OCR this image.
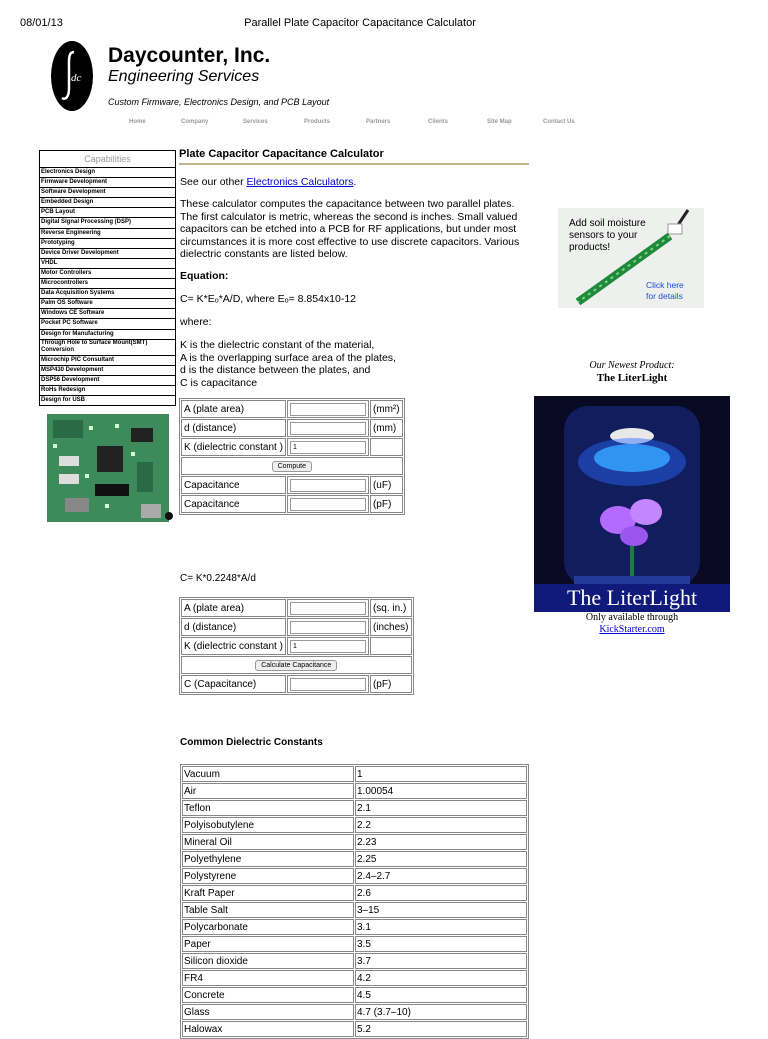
08/01/13	Parallel Plate Capacitor Capacitance Calculator
dc
Daycounter, Inc.
Engineering Services
Custom Firmware, Electronics Design, and PCB Layout
Home	Company	Services	Products	Partners	Clients	Site Map	Contact Us
Capabilities
Electronics Design
Firmware Development
Software Development
Embedded Design
PCB Layout
Digital Signal Processing (DSP)
Reverse Engineering
Prototyping
Device Driver Development
VHDL
Motor Controllers
Microcontrollers
Data Acquisition Systems
Palm OS Software
Windows CE Software
Pocket PC Software
Design for Manufacturing
Through Hole to Surface Mount(SMT) Conversion
Microchip PIC Consultant
MSP430 Development
DSP56 Development
RoHs Redesign
Design for USB
Plate Capacitor Capacitance Calculator
See our other Electronics Calculators.
These calculator computes the capacitance between two parallel plates.
The first calculator is metric, whereas the second is inches. Small valued
capacitors can be etched into a PCB for RF applications, but under most
circumstances it is more cost effective to use discrete capacitors. Various
dielectric constants are listed below.
Equation:
C= K*Eₒ*A/D, where Eₒ= 8.854x10-12
where:
K is the dielectric constant of the material,
A is the overlapping surface area of the plates,
d is the distance between the plates, and
C is capacitance
A (plate area)		(mm²)
d (distance)		(mm)
K (dielectric constant )	1	
Compute		
Capacitance		(uF)
Capacitance		(pF)
C= K*0.2248*A/d
A (plate area)		(sq. in.)
d (distance)		(inches)
K (dielectric constant )	1	
Calculate Capacitance		
C (Capacitance)		(pF)
Common Dielectric Constants
Vacuum	1
Air	1.00054
Teflon	2.1
Polyisobutylene	2.2
Mineral Oil	2.23
Polyethylene	2.25
Polystyrene	2.4–2.7
Kraft Paper	2.6
Table Salt	3–15
Polycarbonate	3.1
Paper	3.5
Silicon dioxide	3.7
FR4	4.2
Concrete	4.5
Glass	4.7 (3.7–10)
Halowax	5.2
Add soil moisture
sensors to your
products!
Click here
for details
Our Newest Product:
The LiterLight
The LiterLight
Only available through
KickStarter.com
